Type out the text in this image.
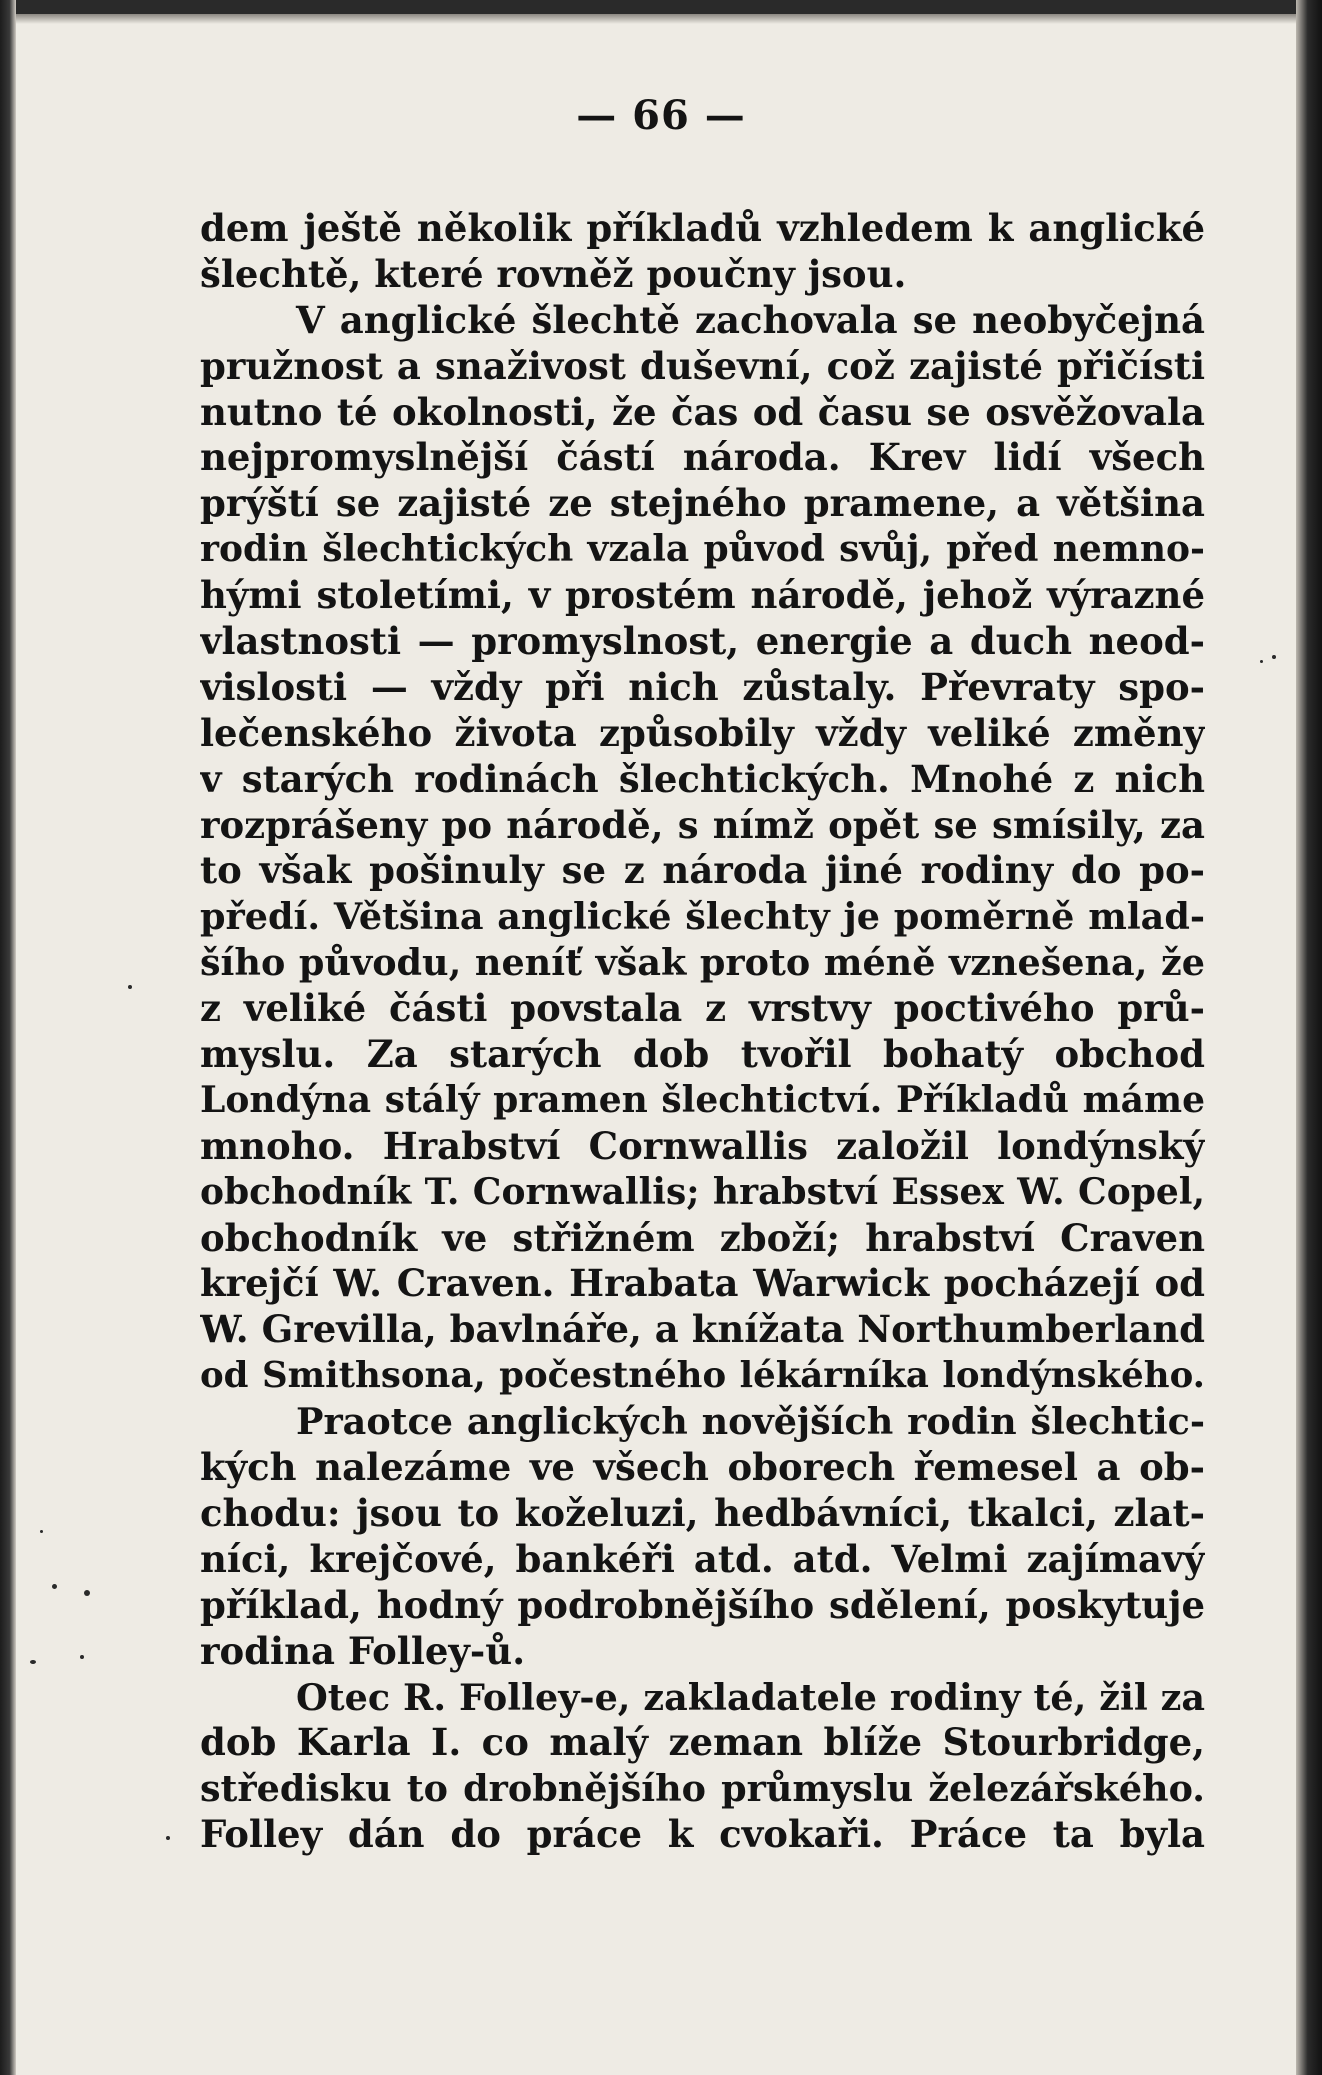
— 66 —
dem ještě několik příkladů vzhledem k anglické
šlechtě, které rovněž poučny jsou.
V anglické šlechtě zachovala se neobyčejná
pružnost a snaživost duševní, což zajisté přičísti
nutno té okolnosti, že čas od času se osvěžovala
nejpromyslnější částí národa. Krev lidí všech
prýští se zajisté ze stejného pramene, a většina
rodin šlechtických vzala původ svůj, před nemno-
hými stoletími, v prostém národě, jehož výrazné
vlastnosti — promyslnost, energie a duch neod-
vislosti — vždy při nich zůstaly. Převraty spo-
lečenského života způsobily vždy veliké změny
v starých rodinách šlechtických. Mnohé z nich
rozprášeny po národě, s nímž opět se smísily, za
to však pošinuly se z národa jiné rodiny do po-
předí. Většina anglické šlechty je poměrně mlad-
šího původu, neníť však proto méně vznešena, že
z veliké části povstala z vrstvy poctivého prů-
myslu. Za starých dob tvořil bohatý obchod
Londýna stálý pramen šlechtictví. Příkladů máme
mnoho. Hrabství Cornwallis založil londýnský
obchodník T. Cornwallis; hrabství Essex W. Copel,
obchodník ve střižném zboží; hrabství Craven
krejčí W. Craven. Hrabata Warwick pocházejí od
W. Grevilla, bavlnáře, a knížata Northumberland
od Smithsona, počestného lékárníka londýnského.
Praotce anglických novějších rodin šlechtic-
kých nalezáme ve všech oborech řemesel a ob-
chodu: jsou to koželuzi, hedbávníci, tkalci, zlat-
níci, krejčové, bankéři atd. atd. Velmi zajímavý
příklad, hodný podrobnějšího sdělení, poskytuje
rodina Folley-ů.
Otec R. Folley-e, zakladatele rodiny té, žil za
dob Karla I. co malý zeman blíže Stourbridge,
středisku to drobnějšího průmyslu železářského.
Folley dán do práce k cvokaři. Práce ta byla
